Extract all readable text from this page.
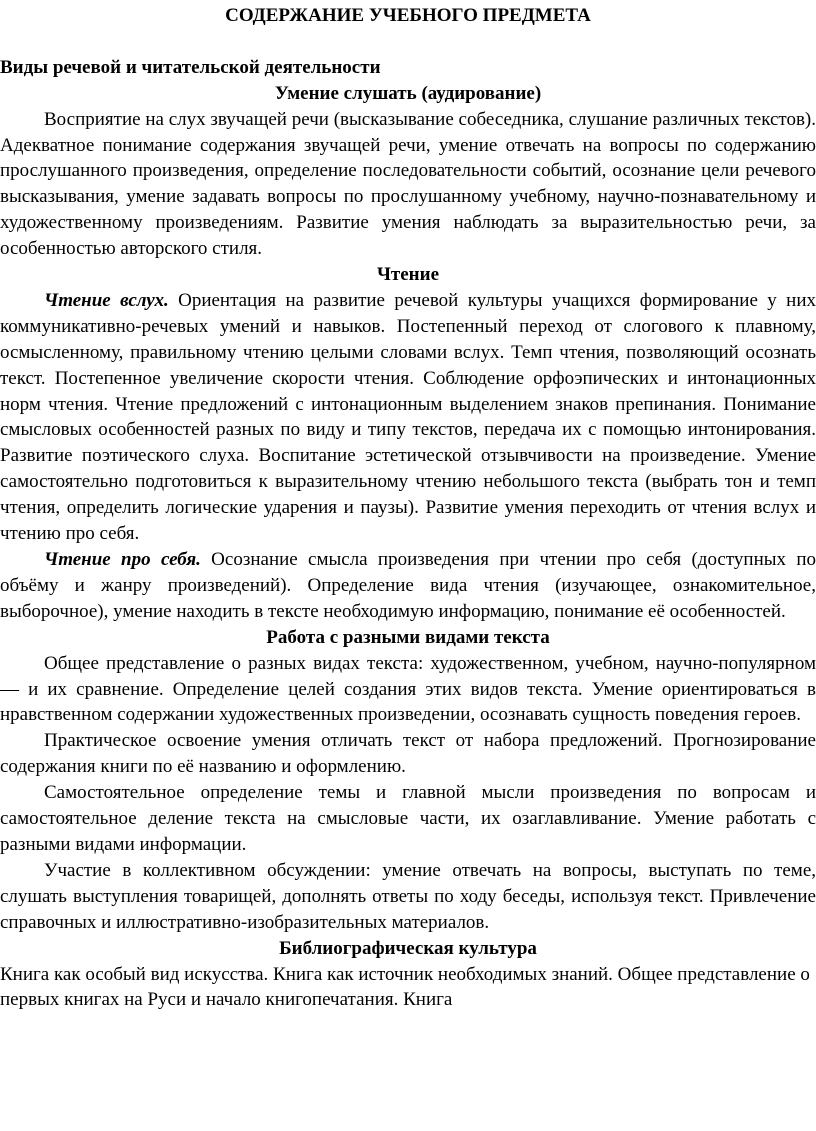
СОДЕРЖАНИЕ УЧЕБНОГО ПРЕДМЕТА

Виды речевой и читательской деятельности

Умение слушать (аудирование)

Восприятие на слух звучащей речи (высказывание собеседника, слушание различных текстов). Адекватное понимание содержания звучащей речи, умение отвечать на вопросы по содержанию прослушанного произведения, определение последовательности событий, осознание цели речевого высказывания, умение задавать вопросы по прослушанному учебному, научно-познавательному и художественному произведениям. Развитие умения наблюдать за выразительностью речи, за особенностью авторского стиля.

Чтение

Чтение вслух. Ориентация на развитие речевой культуры учащихся формирование у них коммуникативно-речевых умений и навыков. Постепенный переход от слогового к плавному, осмысленному, правильному чтению целыми словами вслух. Темп чтения, позволяющий осознать текст. Постепенное увеличение скорости чтения. Соблюдение орфоэпических и интонационных норм чтения. Чтение предложений с интонационным выделением знаков препинания. Понимание смысловых особенностей разных по виду и типу текстов, передача их с помощью интонирования. Развитие поэтического слуха. Воспитание эстетической отзывчивости на произведение. Умение самостоятельно подготовиться к выразительному чтению небольшого текста (выбрать тон и темп чтения, определить логические ударения и паузы). Развитие умения переходить от чтения вслух и чтению про себя.

Чтение про себя. Осознание смысла произведения при чтении про себя (доступных по объёму и жанру произведений). Определение вида чтения (изучающее, ознакомительное, выборочное), умение находить в тексте необходимую информацию, понимание её особенностей.

Работа с разными видами текста

Общее представление о разных видах текста: художественном, учебном, научно-популярном — и их сравнение. Определение целей создания этих видов текста. Умение ориентироваться в нравственном содержании художественных произведении, осознавать сущность поведения героев.

Практическое освоение умения отличать текст от набора предложений. Прогнозирование содержания книги по её названию и оформлению.

Самостоятельное определение темы и главной мысли произведения по вопросам и самостоятельное деление текста на смысловые части, их озаглавливание. Умение работать с разными видами информации.

Участие в коллективном обсуждении: умение отвечать на вопросы, выступать по теме, слушать выступления товарищей, дополнять ответы по ходу беседы, используя текст. Привлечение справочных и иллюстративно-изобразительных материалов.

Библиографическая культура

Книга как особый вид искусства. Книга как источник необходимых знаний. Общее представление о первых книгах на Руси и начало книгопечатания. Книга
